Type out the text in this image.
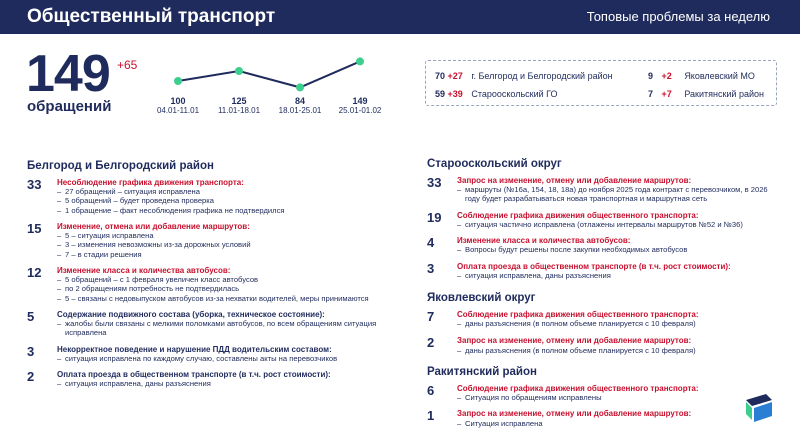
Общественный транспорт	Топовые проблемы за неделю
149 +65
обращений	100
04.01-11.01
125
11.01-18.01
84
18.01-25.01
149
25.01-01.02
70 +27 г. Белгород и Белгородский район
59 +39 Старооскольский ГО
9 +2 Яковлевский МО
7 +7 Ракитянский район
Белгород и Белгородский район
33	Несоблюдение графика движения транспорта:
– 27 обращений – ситуация исправлена
– 5 обращений – будет проведена проверка
– 1 обращение – факт несоблюдения графика не подтвердился
15	Изменение, отмена или добавление маршрутов:
– 5 – ситуация исправлена
– 3 – изменения невозможны из-за дорожных условий
– 7 – в стадии решения
12	Изменение класса и количества автобусов:
– 5 обращений – с 1 февраля увеличен класс автобусов
– по 2 обращениям потребность не подтвердилась
– 5 – связаны с недовыпуском автобусов из-за нехватки водителей, меры принимаются
5	Содержание подвижного состава (уборка, техническое состояние):
– жалобы были связаны с мелкими поломками автобусов, по всем обращениям ситуация исправлена
3	Некорректное поведение и нарушение ПДД водительским составом:
– ситуация исправлена по каждому случаю, составлены акты на перевозчиков
2	Оплата проезда в общественном транспорте (в т.ч. рост стоимости):
– ситуация исправлена, даны разъяснения
Старооскольский округ
33	Запрос на изменение, отмену или добавление маршрутов:
– маршруты (№16а, 154, 18, 18а) до ноября 2025 года контракт с перевозчиком, в 2026 году будет разрабатываться новая транспортная и маршрутная сеть
19	Соблюдение графика движения общественного транспорта:
– ситуация частично исправлена (отлажены интервалы маршрутов №52 и №36)
4	Изменение класса и количества автобусов:
– Вопросы будут решены после закупки необходимых автобусов
3	Оплата проезда в общественном транспорте (в т.ч. рост стоимости):
– ситуация исправлена, даны разъяснения
Яковлевский округ
7	Соблюдение графика движения общественного транспорта:
– даны разъяснения (в полном объеме планируется с 10 февраля)
2	Запрос на изменение, отмену или добавление маршрутов:
– даны разъяснения (в полном объеме планируется с 10 февраля)
Ракитянский район
6	Соблюдение графика движения общественного транспорта:
– Ситуация по обращениям исправлены
1	Запрос на изменение, отмену или добавление маршрутов:
– Ситуация исправлена
